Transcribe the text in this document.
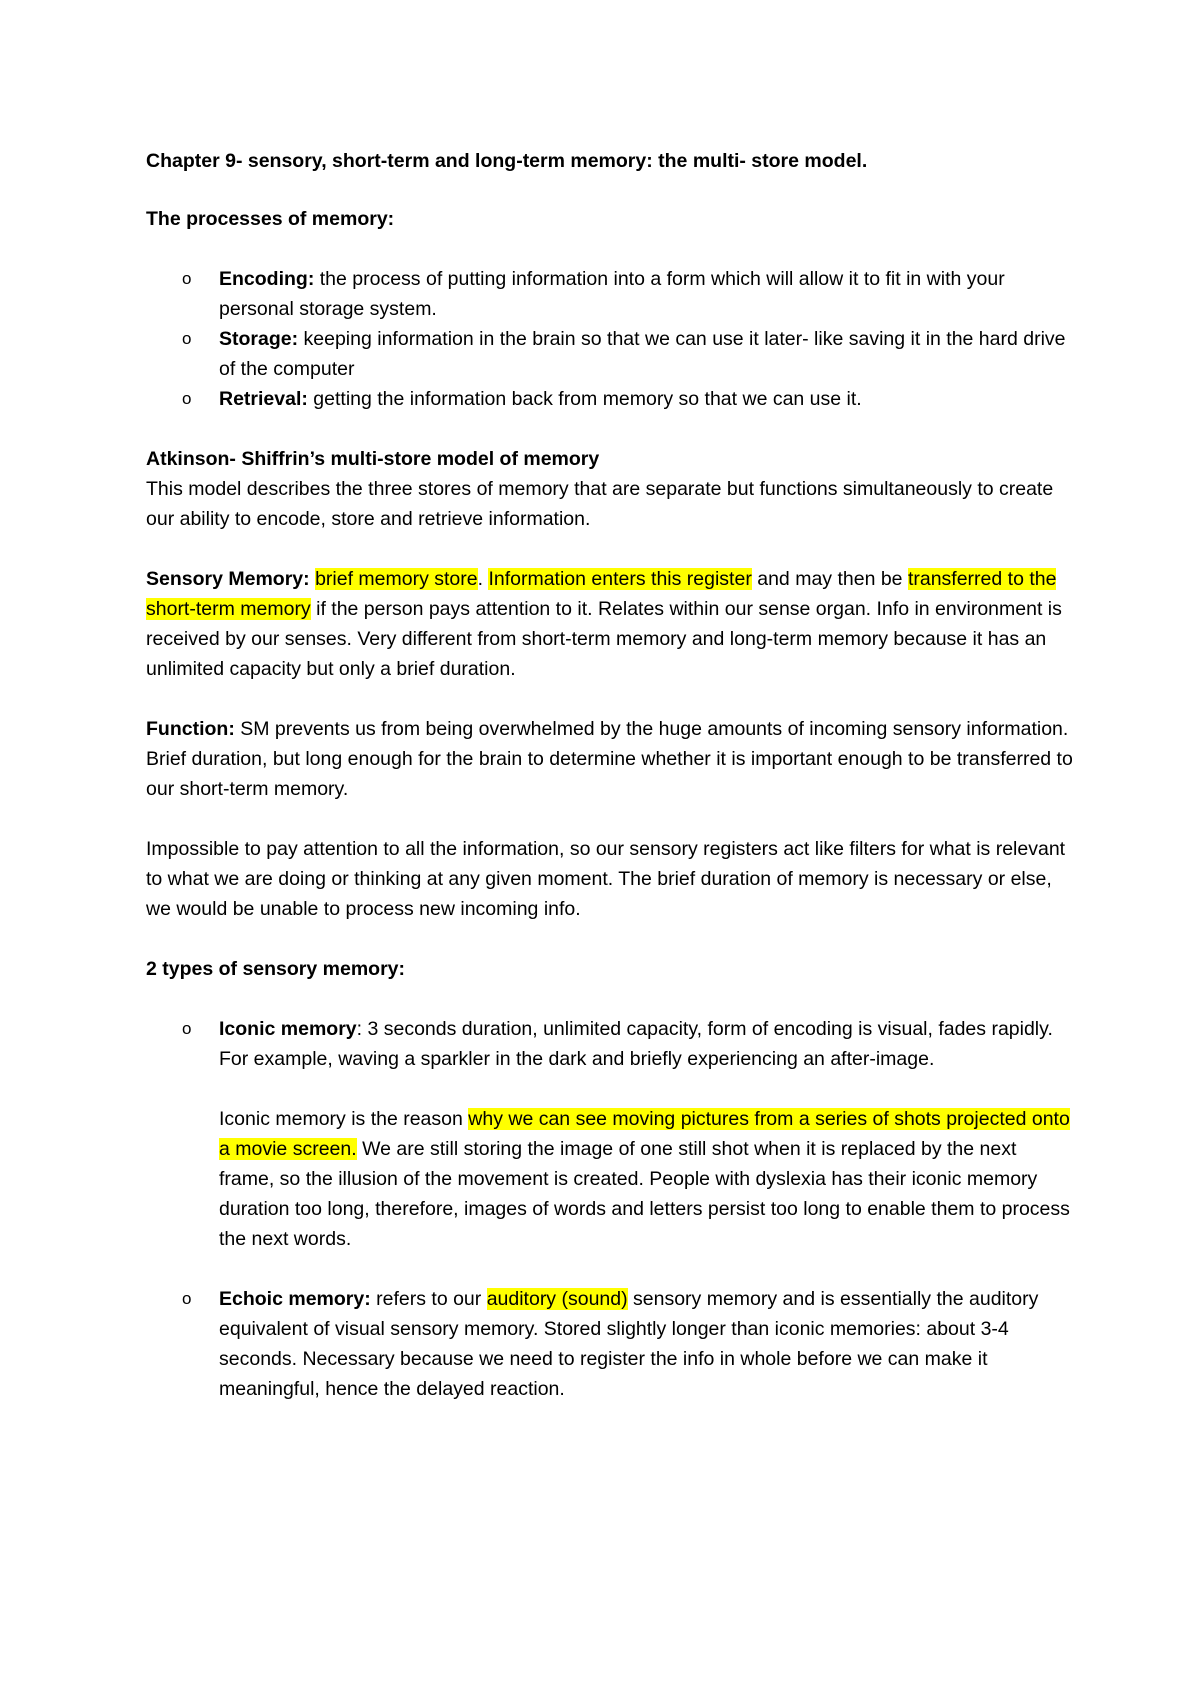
Chapter 9- sensory, short-term and long-term memory: the multi- store model.

The processes of memory:

o	Encoding: the process of putting information into a form which will allow it to fit in with your personal storage system.
o	Storage: keeping information in the brain so that we can use it later- like saving it in the hard drive of the computer
o	Retrieval: getting the information back from memory so that we can use it.

Atkinson- Shiffrin’s multi-store model of memory

This model describes the three stores of memory that are separate but functions simultaneously to create our ability to encode, store and retrieve information.

Sensory Memory: brief memory store. Information enters this register and may then be transferred to the short-term memory if the person pays attention to it. Relates within our sense organ. Info in environment is received by our senses. Very different from short-term memory and long-term memory because it has an unlimited capacity but only a brief duration.

Function: SM prevents us from being overwhelmed by the huge amounts of incoming sensory information. Brief duration, but long enough for the brain to determine whether it is important enough to be transferred to our short-term memory.

Impossible to pay attention to all the information, so our sensory registers act like filters for what is relevant to what we are doing or thinking at any given moment. The brief duration of memory is necessary or else, we would be unable to process new incoming info.

2 types of sensory memory:

o	Iconic memory: 3 seconds duration, unlimited capacity, form of encoding is visual, fades rapidly. For example, waving a sparkler in the dark and briefly experiencing an after-image.

Iconic memory is the reason why we can see moving pictures from a series of shots projected onto a movie screen. We are still storing the image of one still shot when it is replaced by the next frame, so the illusion of the movement is created. People with dyslexia has their iconic memory duration too long, therefore, images of words and letters persist too long to enable them to process the next words.

o	Echoic memory: refers to our auditory (sound) sensory memory and is essentially the auditory equivalent of visual sensory memory. Stored slightly longer than iconic memories: about 3-4 seconds. Necessary because we need to register the info in whole before we can make it meaningful, hence the delayed reaction.
